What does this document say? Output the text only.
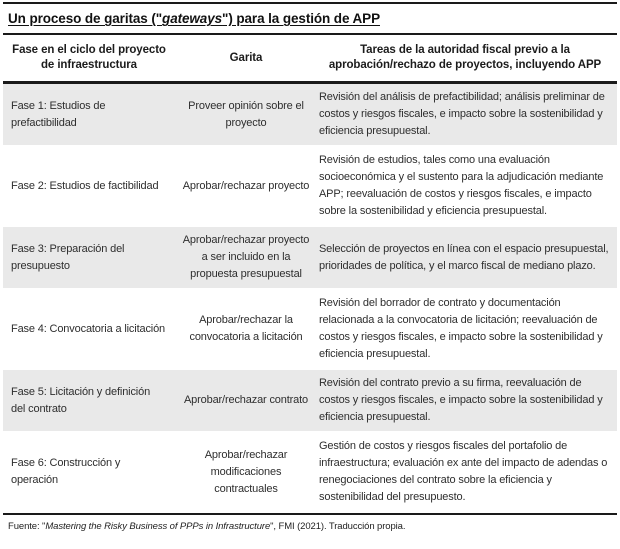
Un proceso de garitas ("gateways") para la gestión de APP
Fase en el ciclo del proyecto de infraestructura
Garita
Tareas de la autoridad fiscal previo a la aprobación/rechazo de proyectos, incluyendo APP
Fase 1: Estudios de prefactibilidad
Proveer opinión sobre el proyecto
Revisión del análisis de prefactibilidad; análisis preliminar de costos y riesgos fiscales, e impacto sobre la sostenibilidad y eficiencia presupuestal.
Fase 2: Estudios de factibilidad	Aprobar/rechazar proyecto
Revisión de estudios, tales como una evaluación socioeconómica y el sustento para la adjudicación mediante APP; reevaluación de costos y riesgos fiscales, e impacto sobre la sostenibilidad y eficiencia presupuestal.
Fase 3: Preparación del presupuesto
Aprobar/rechazar proyecto a ser incluido en la propuesta presupuestal
Selección de proyectos en línea con el espacio presupuestal, prioridades de política, y el marco fiscal de mediano plazo.
Fase 4: Convocatoria a licitación
Aprobar/rechazar la convocatoria a licitación
Revisión del borrador de contrato y documentación relacionada a la convocatoria de licitación; reevaluación de costos y riesgos fiscales, e impacto sobre la sostenibilidad y eficiencia presupuestal.
Fase 5: Licitación y definición del contrato
Aprobar/rechazar contrato
Revisión del contrato previo a su firma, reevaluación de costos y riesgos fiscales, e impacto sobre la sostenibilidad y eficiencia presupuestal.
Fase 6: Construcción y operación
Aprobar/rechazar modificaciones contractuales
Gestión de costos y riesgos fiscales del portafolio de infraestructura; evaluación ex ante del impacto de adendas o renegociaciones del contrato sobre la eficiencia y sostenibilidad del presupuesto.
Fuente: "Mastering the Risky Business of PPPs in Infrastructure", FMI (2021). Traducción propia.
